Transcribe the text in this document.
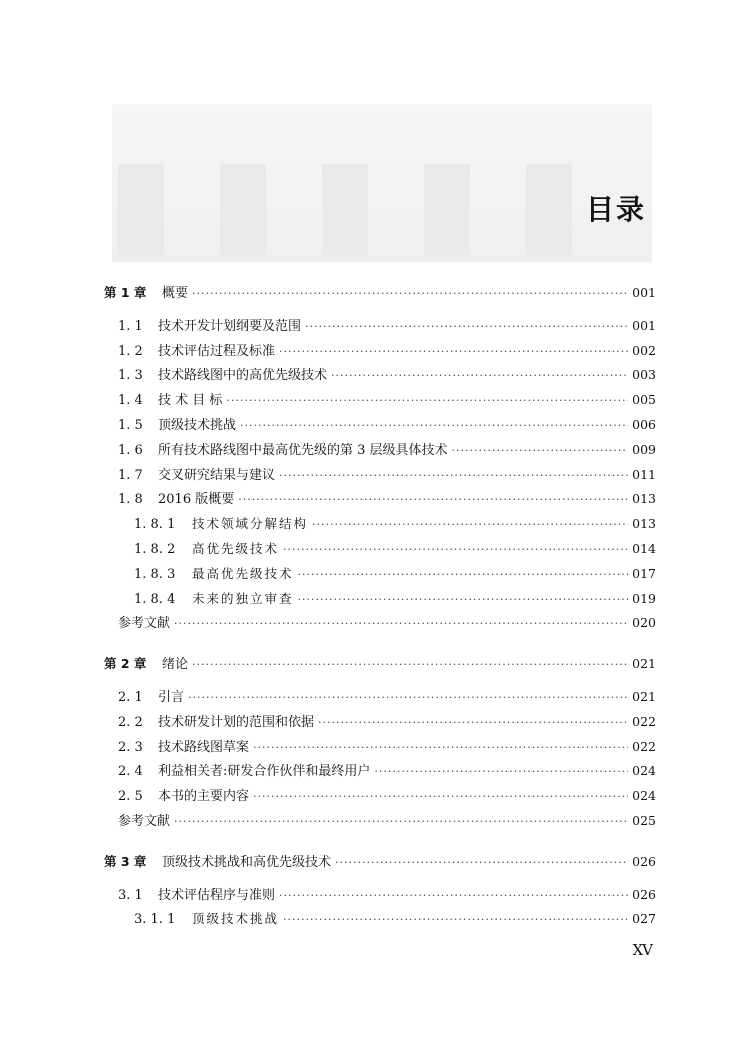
目录
第 1 章	概要 ·····	001
1. 1	技术开发计划纲要及范围 ·····	001
1. 2	技术评估过程及标准 ·····	002
1. 3	技术路线图中的高优先级技术 ·····	003
1. 4	技 术 目 标 ·····	005
1. 5	顶级技术挑战 ·····	006
1. 6	所有技术路线图中最高优先级的第 3 层级具体技术 ·····	009
1. 7	交叉研究结果与建议 ·····	011
1. 8	2016 版概要 ·····	013
1. 8. 1	技术领域分解结构 ·····	013
1. 8. 2	高优先级技术 ·····	014
1. 8. 3	最高优先级技术 ·····	017
1. 8. 4	未来的独立审查 ·····	019
参考文献 ·····	020
第 2 章	绪论 ·····	021
2. 1	引言 ·····	021
2. 2	技术研发计划的范围和依据 ·····	022
2. 3	技术路线图草案 ·····	022
2. 4	利益相关者:研发合作伙伴和最终用户 ·····	024
2. 5	本书的主要内容 ·····	024
参考文献 ·····	025
第 3 章	顶级技术挑战和高优先级技术 ·····	026
3. 1	技术评估程序与准则 ·····	026
3. 1. 1	顶级技术挑战 ·····	027
XV
